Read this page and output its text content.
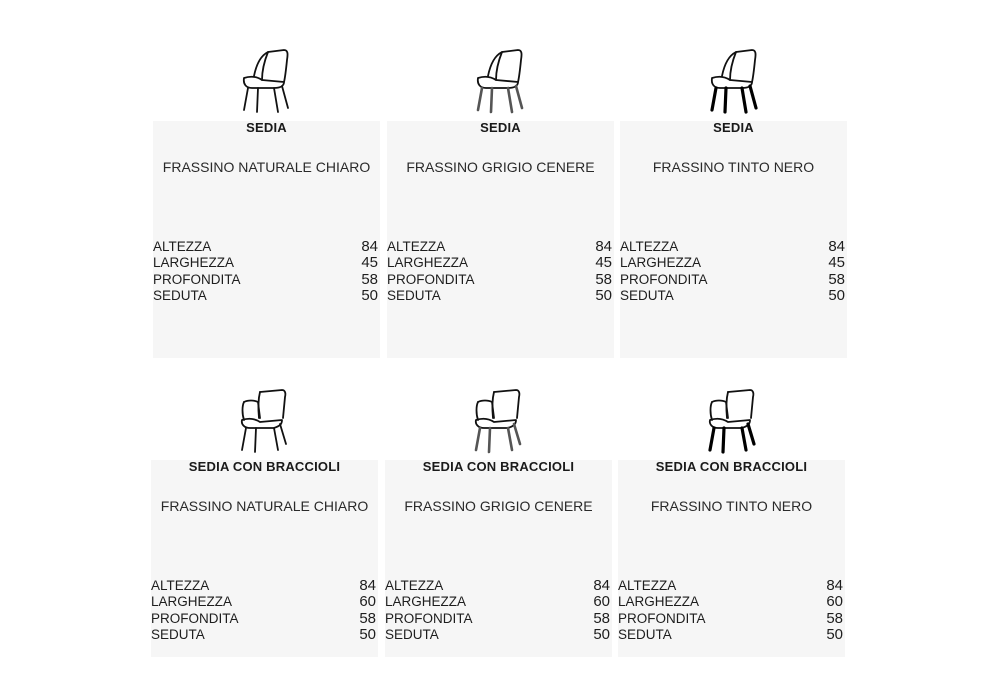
SEDIA
FRASSINO NATURALE CHIARO
ALTEZZA	84
LARGHEZZA	45
PROFONDITA	58
SEDUTA	50
SEDIA
FRASSINO GRIGIO CENERE
ALTEZZA	84
LARGHEZZA	45
PROFONDITA	58
SEDUTA	50
SEDIA
FRASSINO TINTO NERO
ALTEZZA	84
LARGHEZZA	45
PROFONDITA	58
SEDUTA	50
SEDIA CON BRACCIOLI
FRASSINO NATURALE CHIARO
ALTEZZA	84
LARGHEZZA	60
PROFONDITA	58
SEDUTA	50
SEDIA CON BRACCIOLI
FRASSINO GRIGIO CENERE
ALTEZZA	84
LARGHEZZA	60
PROFONDITA	58
SEDUTA	50
SEDIA CON BRACCIOLI
FRASSINO TINTO NERO
ALTEZZA	84
LARGHEZZA	60
PROFONDITA	58
SEDUTA	50
